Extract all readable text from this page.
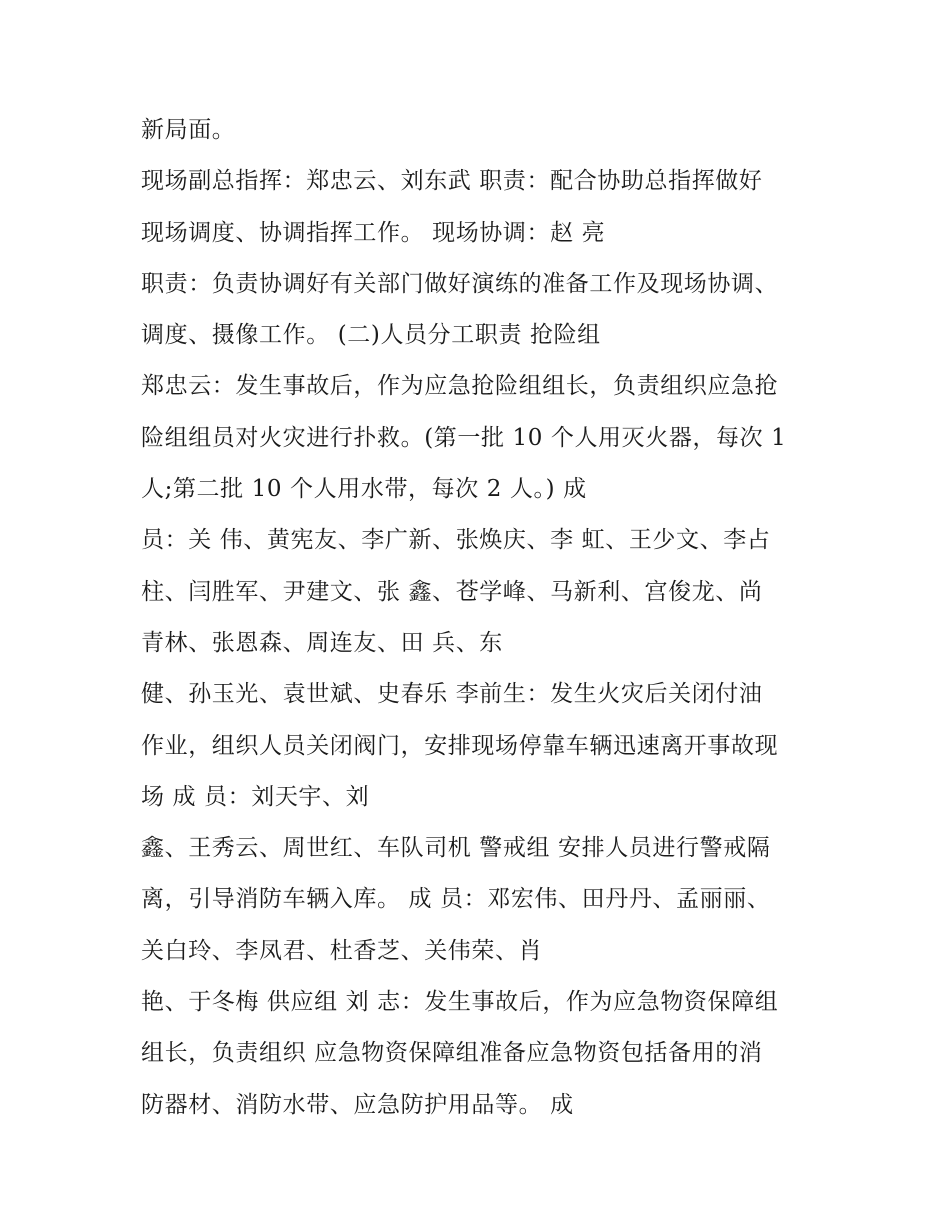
新局面。
现场副总指挥：郑忠云、刘东武 职责：配合协助总指挥做好
现场调度、协调指挥工作。 现场协调：赵 亮
职责：负责协调好有关部门做好演练的准备工作及现场协调、
调度、摄像工作。 (二)人员分工职责 抢险组
郑忠云：发生事故后，作为应急抢险组组长，负责组织应急抢
险组组员对火灾进行扑救。(第一批 10 个人用灭火器，每次 1
人;第二批 10 个人用水带，每次 2 人。) 成
员：关 伟、黄宪友、李广新、张焕庆、李 虹、王少文、李占
柱、闫胜军、尹建文、张 鑫、苍学峰、马新利、宫俊龙、尚
青林、张恩森、周连友、田 兵、东
健、孙玉光、袁世斌、史春乐 李前生：发生火灾后关闭付油
作业，组织人员关闭阀门，安排现场停靠车辆迅速离开事故现
场 成 员：刘天宇、刘
鑫、王秀云、周世红、车队司机 警戒组 安排人员进行警戒隔
离，引导消防车辆入库。 成 员：邓宏伟、田丹丹、孟丽丽、
关白玲、李凤君、杜香芝、关伟荣、肖
艳、于冬梅 供应组 刘 志：发生事故后，作为应急物资保障组
组长，负责组织 应急物资保障组准备应急物资包括备用的消
防器材、消防水带、应急防护用品等。 成
